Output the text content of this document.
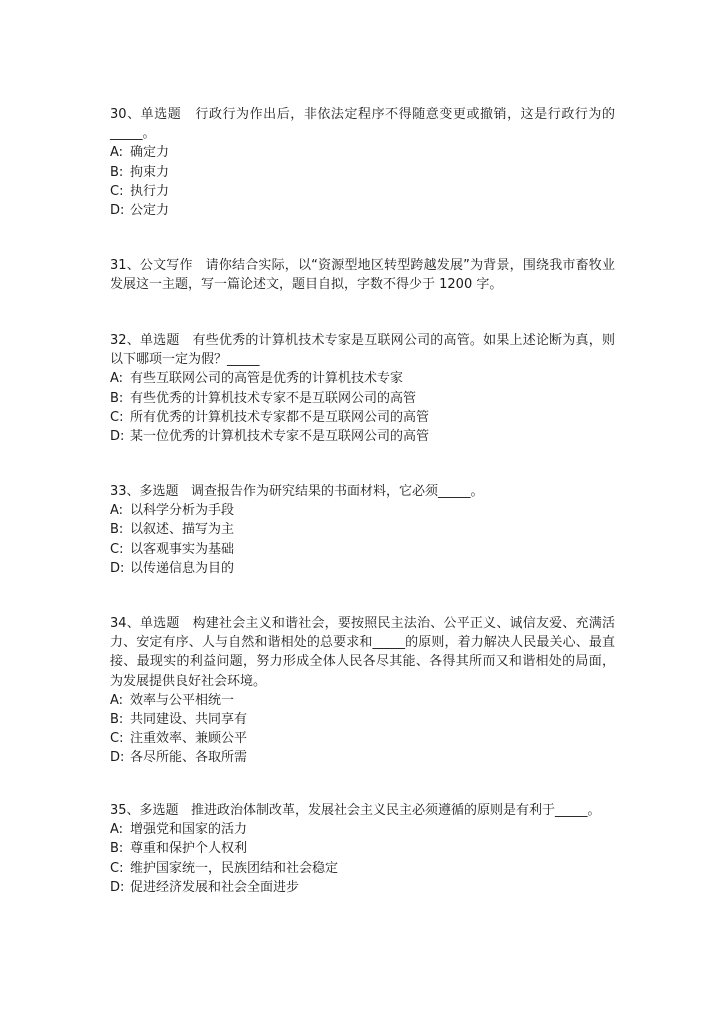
30、单选题 行政行为作出后，非依法定程序不得随意变更或撤销，这是行政行为的_____。

A: 确定力

B: 拘束力

C: 执行力

D: 公定力

31、公文写作 请你结合实际，以“资源型地区转型跨越发展”为背景，围绕我市畜牧业发展这一主题，写一篇论述文，题目自拟，字数不得少于 1200 字。

32、单选题 有些优秀的计算机技术专家是互联网公司的高管。如果上述论断为真，则以下哪项一定为假？_____

A: 有些互联网公司的高管是优秀的计算机技术专家

B: 有些优秀的计算机技术专家不是互联网公司的高管

C: 所有优秀的计算机技术专家都不是互联网公司的高管

D: 某一位优秀的计算机技术专家不是互联网公司的高管

33、多选题 调查报告作为研究结果的书面材料，它必须_____。

A: 以科学分析为手段

B: 以叙述、描写为主

C: 以客观事实为基础

D: 以传递信息为目的

34、单选题 构建社会主义和谐社会，要按照民主法治、公平正义、诚信友爱、充满活力、安定有序、人与自然和谐相处的总要求和_____的原则，着力解决人民最关心、最直接、最现实的利益问题，努力形成全体人民各尽其能、各得其所而又和谐相处的局面，为发展提供良好社会环境。

A: 效率与公平相统一

B: 共同建设、共同享有

C: 注重效率、兼顾公平

D: 各尽所能、各取所需

35、多选题 推进政治体制改革，发展社会主义民主必须遵循的原则是有利于_____。

A: 增强党和国家的活力

B: 尊重和保护个人权利

C: 维护国家统一，民族团结和社会稳定

D: 促进经济发展和社会全面进步
